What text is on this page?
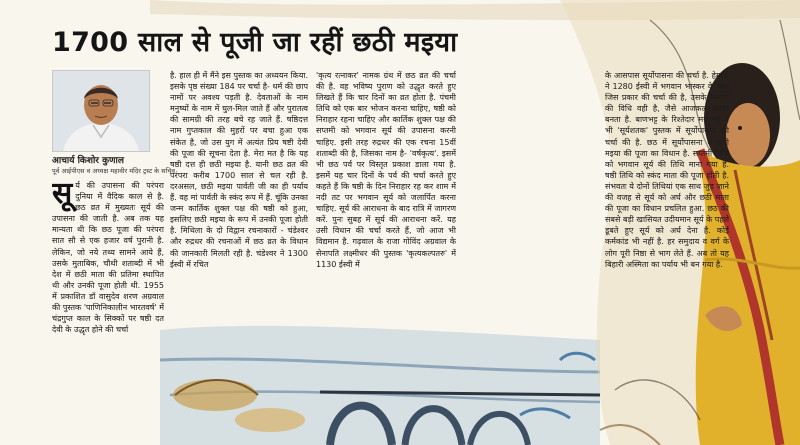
1700 साल से पूजी जा रहीं छठी मइया
आचार्य किशोर कुणाल
पूर्व आईपीएस व अध्यक्ष महावीर मंदिर ट्रस्ट के सचिव
सू र्य की उपासना की परंपरा दुनिया में वैदिक काल से है. छठ व्रत में मुख्यतः सूर्य की उपासना की जाती है. अब तक यह मान्यता थी कि छठ पूजा की परंपरा सात सौ से एक हजार वर्ष पुरानी है. लेकिन, जो नये तथ्य सामने आये हैं, उसके मुताबिक, चौथी शताब्दी में भी देश में छठी माता की प्रतिमा स्थापित थी और उनकी पूजा होती थी. 1955 में प्रकाशित डॉ वासुदेव शरण अग्रवाल की पुस्तक 'पाणिनिकालीन भारतवर्ष' में चंद्रगुप्त काल के सिक्कों पर षष्ठी दत देवी के उद्धृत होने की चर्चा
है. हाल ही में मैंने इस पुस्तक का अध्ययन किया. इसके पृष्ठ संख्या 184 पर चर्चा है- धर्म की छाप नामों पर अवश्य पड़ती है. देवताओं के नाम मनुष्यों के नाम में घुल-मिल जाते हैं और पुरातत्व की सामग्री की तरह बचे रह जाते हैं. षष्ठिदत्त नाम गुप्तकाल की मुहरों पर बचा हुआ एक संकेत है, जो उस युग में अत्यंत प्रिय षष्टी देवी की पूजा की सूचना देता है. मेरा मत है कि यह षष्ठी दत्त ही छठी मइया है. यानी छठ व्रत की परंपरा करीब 1700 साल से चल रही है. दरअसल, छठी मइया पार्वती जी का ही पर्याय हैं. वह मां पार्वती के स्कंद रूप में हैं. चूंकि उनका जन्म कार्तिक शुक्ल पक्ष की षष्ठी को हुआ, इसलिए छठी मइया के रूप में उनकी पूजा होती है. मिथिला के दो विद्वान रचनाकारों - चंडेश्वर और रुद्रधर की रचनाओं में छठ व्रत के विधान की जानकारी मिलती रही है. चंडेश्वर ने 1300 ईस्वी में रचित
'कृत्य रत्नाकर' नामक ग्रंथ में छठ व्रत की चर्चा की है. वह भविष्य पुराण को उद्धृत करते हुए लिखते हैं कि चार दिनों का व्रत होता है. पंचमी तिथि को एक बार भोजन करना चाहिए, षष्ठी को निराहार रहना चाहिए और कार्तिक शुक्ल पक्ष की सप्तमी को भगवान सूर्य की उपासना करनी चाहिए. इसी तरह रुद्रधर की एक रचना 15वीं शताब्दी की है, जिसका नाम है- 'वर्षकृत्य'. इसमें भी छठ पर्व पर विस्तृत प्रकाश डाला गया है. इसमें यह चार दिनों के पर्व की चर्चा करते हुए कहते हैं कि षष्ठी के दिन निराहार रह कर शाम में नदी तट पर भगवान सूर्य को जलार्पित करना चाहिए. सूर्य की आराधना के बाद रात्रि में जागरण करें. पुनः सुबह में सूर्य की आराधना करें. यह उसी विधान की चर्चा करते हैं, जो आज भी विद्यमान है. गढ़वाल के राजा गोविंद अग्रवाल के सेनापति लक्ष्मीधर की पुस्तक 'कृत्यकल्पतरु' में 1130 ईस्वी में
के आसपास सूर्योपासना की चर्चा है. हेमाद्रि ने 1280 ईस्वी में भगवान भास्कर के लिए जिस प्रकार की चर्चा की है, उसके निर्माण की विधि वही है, जैसे आजकल कसार बनता है. बाणभट्ट के रिश्तेदार मयूरभट्ट ने भी 'सूर्यशतक' पुस्तक में सूर्योपासना की चर्चा की है. छठ में सूर्योपासना व छठी मइया की पूजा का विधान है. सप्तमी तिथि को भगवान सूर्य की तिथि माना गया है. षष्ठी तिथि को स्कंद माता की पूजा होती है. संभवतः ये दोनों तिथियां एक साथ जुड़ जाने की वजह से सूर्य को अर्घ और छठी माता की पूजा का विधान प्रचलित हुआ. छठ की सबसे बड़ी खासियत उदीयमान सूर्य के पहले डूबते हुए सूर्य को अर्घ देना है. कोई कर्मकांड भी नहीं है. हर समुदाय व वर्ग के लोग पूरी निष्ठा से भाग लेते हैं. अब तो यह बिहारी अस्मिता का पर्याय भी बन गया है.
